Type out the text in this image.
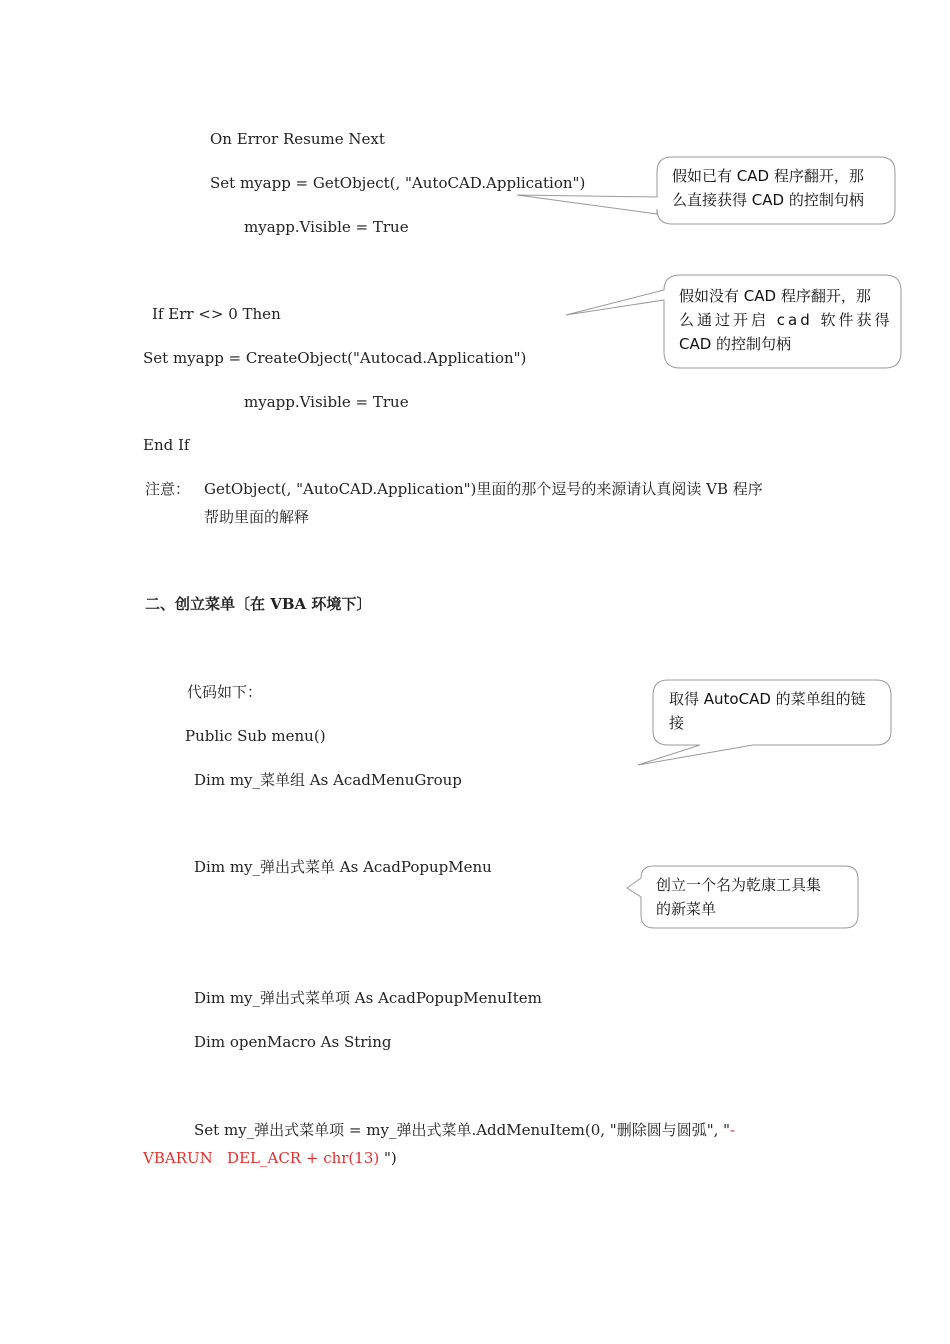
On Error Resume Next
Set myapp = GetObject(, "AutoCAD.Application")
myapp.Visible = True
If Err <> 0 Then
Set myapp = CreateObject("Autocad.Application")
myapp.Visible = True
End If
注意： GetObject(, "AutoCAD.Application")里面的那个逗号的来源请认真阅读 VB 程序
帮助里面的解释
二、创立菜单〔在 VBA 环境下〕
代码如下：
Public Sub menu()
Dim my_菜单组 As AcadMenuGroup
Dim my_弹出式菜单 As AcadPopupMenu
Dim my_弹出式菜单项 As AcadPopupMenuItem
Dim openMacro As String
Set my_弹出式菜单项 = my_弹出式菜单.AddMenuItem(0, "删除圆与圆弧", "-
VBARUN   DEL_ACR + chr(13) ")
假如已有 CAD 程序翻开，那
么直接获得 CAD 的控制句柄
假如没有 CAD 程序翻开，那
么通过开启 cad 软件获得
CAD 的控制句柄
取得 AutoCAD 的菜单组的链
接
创立一个名为乾康工具集
的新菜单
